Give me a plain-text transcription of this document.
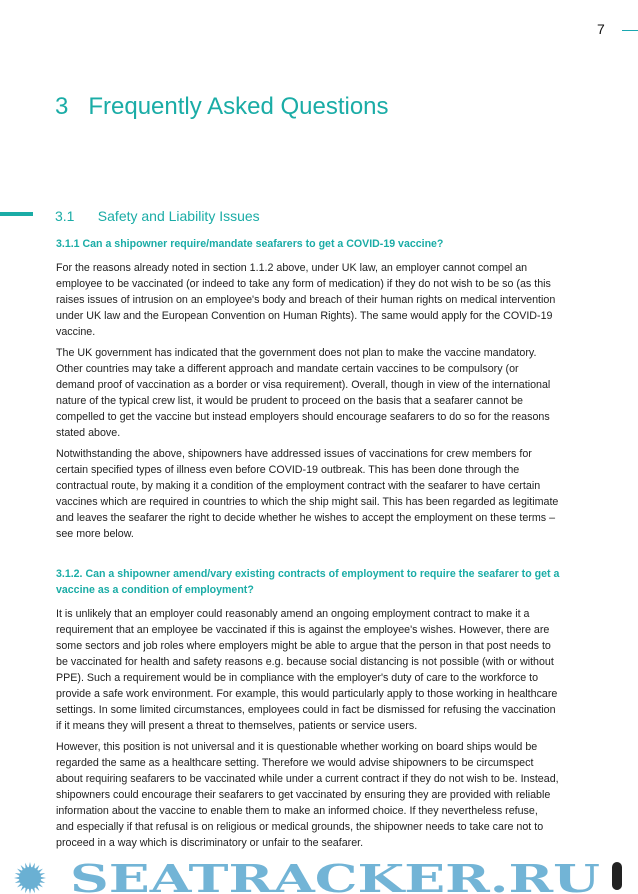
7
3   Frequently Asked Questions
3.1      Safety and Liability Issues
3.1.1 Can a shipowner require/mandate seafarers to get a COVID-19 vaccine?
For the reasons already noted in section 1.1.2 above, under UK law, an employer cannot compel an
employee to be vaccinated (or indeed to take any form of medication) if they do not wish to be so (as this
raises issues of intrusion on an employee's body and breach of their human rights on medical intervention
under UK law and the European Convention on Human Rights). The same would apply for the COVID-19
vaccine.
The UK government has indicated that the government does not plan to make the vaccine mandatory.
Other countries may take a different approach and mandate certain vaccines to be compulsory (or
demand proof of vaccination as a border or visa requirement). Overall, though in view of the international
nature of the typical crew list, it would be prudent to proceed on the basis that a seafarer cannot be
compelled to get the vaccine but instead employers should encourage seafarers to do so for the reasons
stated above.
Notwithstanding the above, shipowners have addressed issues of vaccinations for crew members for
certain specified types of illness even before COVID-19 outbreak. This has been done through the
contractual route, by making it a condition of the employment contract with the seafarer to have certain
vaccines which are required in countries to which the ship might sail. This has been regarded as legitimate
and leaves the seafarer the right to decide whether he wishes to accept the employment on these terms –
see more below.
3.1.2. Can a shipowner amend/vary existing contracts of employment to require the seafarer to get a
vaccine as a condition of employment?
It is unlikely that an employer could reasonably amend an ongoing employment contract to make it a
requirement that an employee be vaccinated if this is against the employee's wishes. However, there are
some sectors and job roles where employers might be able to argue that the person in that post needs to
be vaccinated for health and safety reasons e.g. because social distancing is not possible (with or without
PPE). Such a requirement would be in compliance with the employer's duty of care to the workforce to
provide a safe work environment. For example, this would particularly apply to those working in healthcare
settings. In some limited circumstances, employees could in fact be dismissed for refusing the vaccination
if it means they will present a threat to themselves, patients or service users.
However, this position is not universal and it is questionable whether working on board ships would be
regarded the same as a healthcare setting. Therefore we would advise shipowners to be circumspect
about requiring seafarers to be vaccinated while under a current contract if they do not wish to be. Instead,
shipowners could encourage their seafarers to get vaccinated by ensuring they are provided with reliable
information about the vaccine to enable them to make an informed choice. If they nevertheless refuse,
and especially if that refusal is on religious or medical grounds, the shipowner needs to take care not to
proceed in a way which is discriminatory or unfair to the seafarer.
SEATRACKER.RU
